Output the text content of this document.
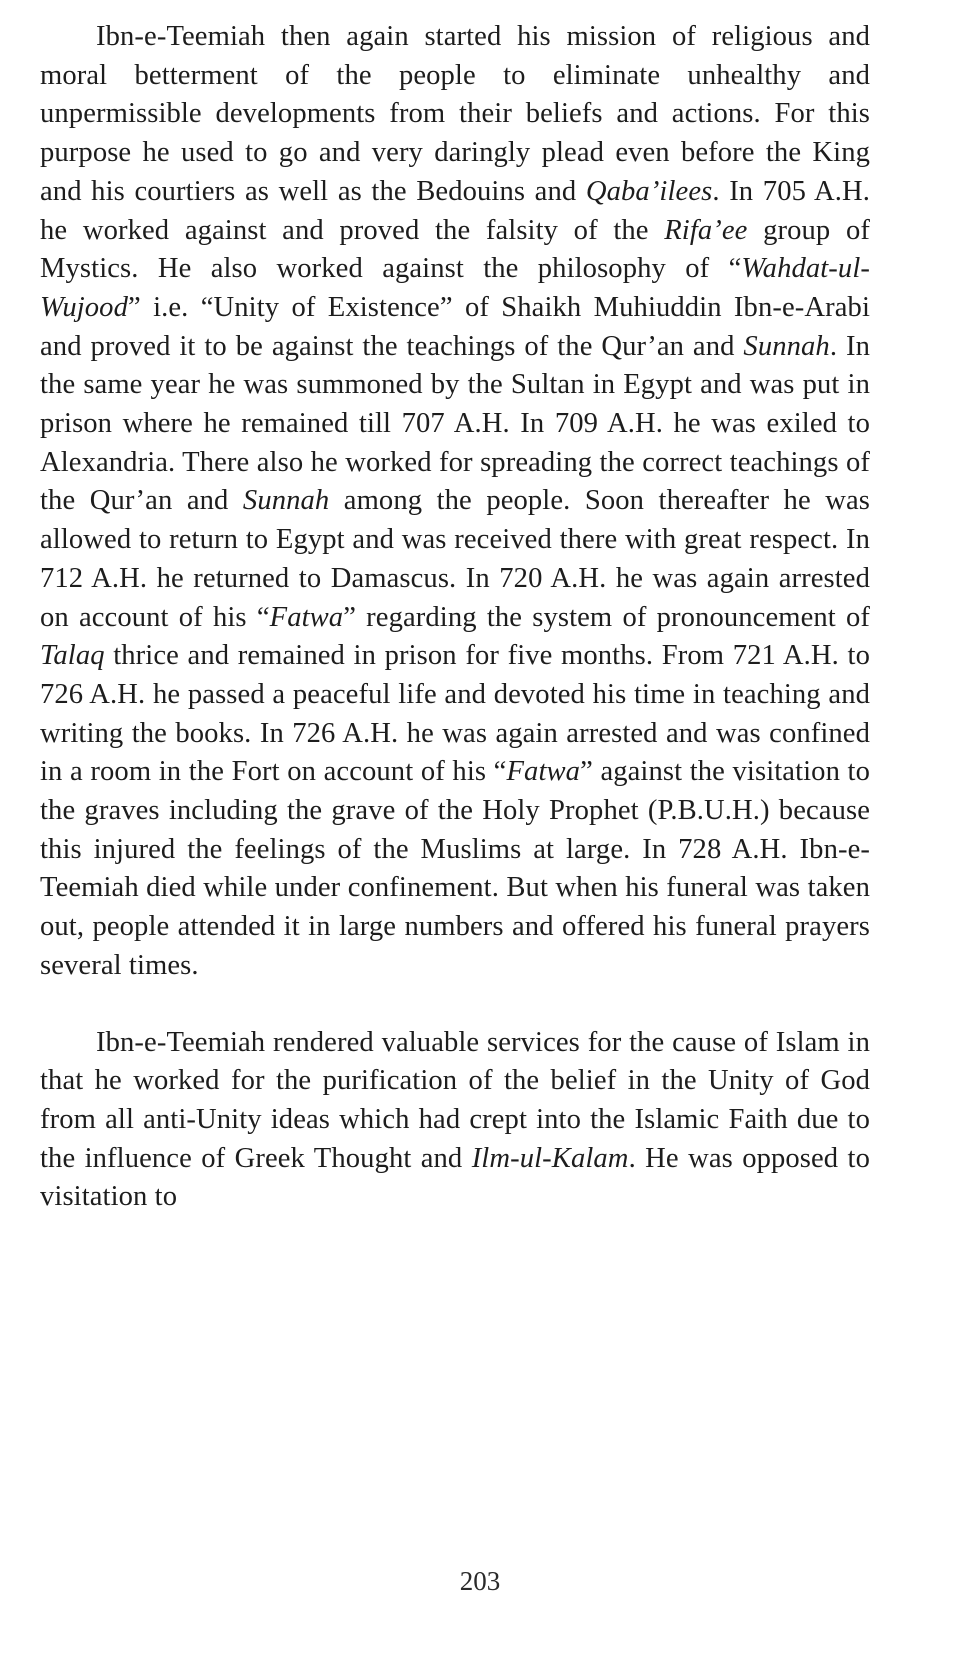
Ibn-e-Teemiah then again started his mission of religious and moral betterment of the people to eliminate unhealthy and unpermissible developments from their beliefs and actions. For this purpose he used to go and very daringly plead even before the King and his courtiers as well as the Bedouins and Qaba’ilees. In 705 A.H. he worked against and proved the falsity of the Rifa’ee group of Mystics. He also worked against the philosophy of “Wahdat-ul-Wujood” i.e. “Unity of Existence” of Shaikh Muhiuddin Ibn-e-Arabi and proved it to be against the teachings of the Qur’an and Sunnah. In the same year he was summoned by the Sultan in Egypt and was put in prison where he remained till 707 A.H. In 709 A.H. he was exiled to Alexandria. There also he worked for spreading the correct teachings of the Qur’an and Sunnah among the people. Soon thereafter he was allowed to return to Egypt and was received there with great respect. In 712 A.H. he returned to Damascus. In 720 A.H. he was again arrested on account of his “Fatwa” regarding the system of pronouncement of Talaq thrice and remained in prison for five months. From 721 A.H. to 726 A.H. he passed a peaceful life and devoted his time in teaching and writing the books. In 726 A.H. he was again arrested and was confined in a room in the Fort on account of his “Fatwa” against the visitation to the graves including the grave of the Holy Prophet (P.B.U.H.) because this injured the feelings of the Muslims at large. In 728 A.H. Ibn-e-Teemiah died while under confinement. But when his funeral was taken out, people attended it in large numbers and offered his funeral prayers several times.

Ibn-e-Teemiah rendered valuable services for the cause of Islam in that he worked for the purification of the belief in the Unity of God from all anti-Unity ideas which had crept into the Islamic Faith due to the influence of Greek Thought and Ilm-ul-Kalam. He was opposed to visitation to

203
